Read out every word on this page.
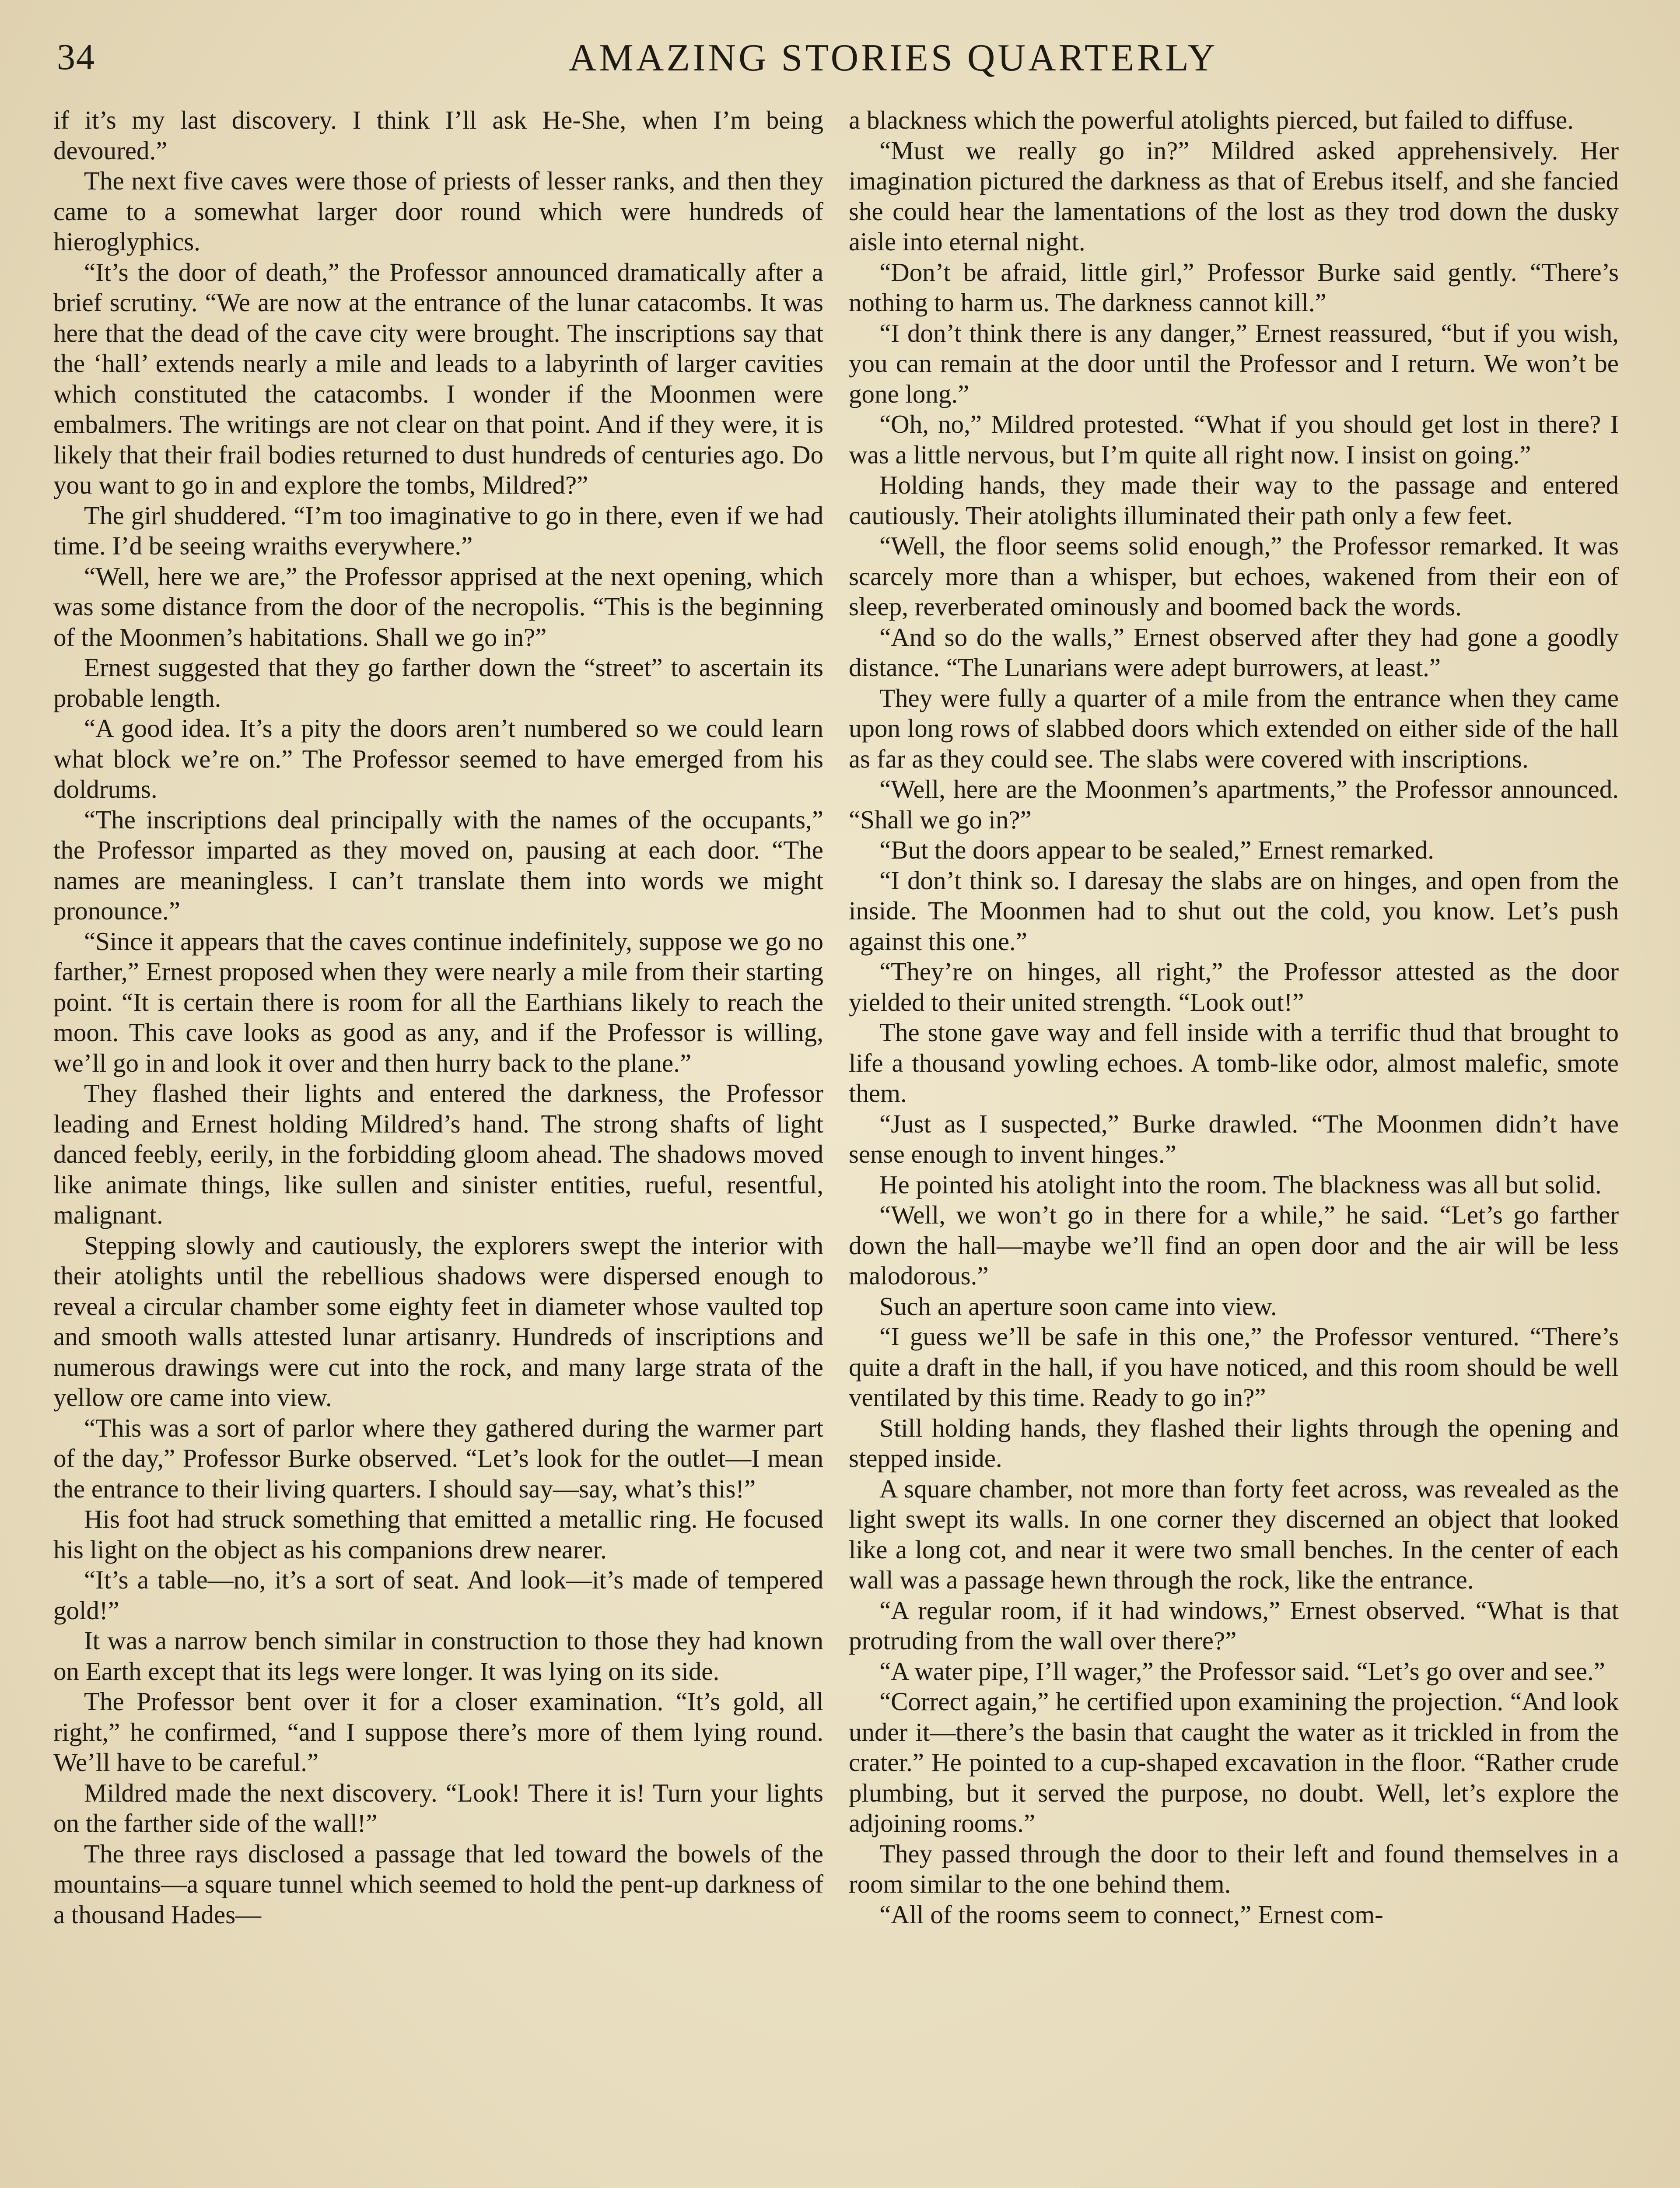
34	AMAZING STORIES QUARTERLY

if it’s my last discovery. I think I’ll ask He-She, when I’m being devoured.”

The next five caves were those of priests of lesser ranks, and then they came to a somewhat larger door round which were hundreds of hieroglyphics.

“It’s the door of death,” the Professor announced dramatically after a brief scrutiny. “We are now at the entrance of the lunar catacombs. It was here that the dead of the cave city were brought. The inscriptions say that the ‘hall’ extends nearly a mile and leads to a labyrinth of larger cavities which constituted the catacombs. I wonder if the Moonmen were embalmers. The writings are not clear on that point. And if they were, it is likely that their frail bodies returned to dust hundreds of centuries ago. Do you want to go in and explore the tombs, Mildred?”

The girl shuddered. “I’m too imaginative to go in there, even if we had time. I’d be seeing wraiths everywhere.”

“Well, here we are,” the Professor apprised at the next opening, which was some distance from the door of the necropolis. “This is the beginning of the Moonmen’s habitations. Shall we go in?”

Ernest suggested that they go farther down the “street” to ascertain its probable length.

“A good idea. It’s a pity the doors aren’t numbered so we could learn what block we’re on.” The Professor seemed to have emerged from his doldrums.

“The inscriptions deal principally with the names of the occupants,” the Professor imparted as they moved on, pausing at each door. “The names are meaningless. I can’t translate them into words we might pronounce.”

“Since it appears that the caves continue indefinitely, suppose we go no farther,” Ernest proposed when they were nearly a mile from their starting point. “It is certain there is room for all the Earthians likely to reach the moon. This cave looks as good as any, and if the Professor is willing, we’ll go in and look it over and then hurry back to the plane.”

They flashed their lights and entered the darkness, the Professor leading and Ernest holding Mildred’s hand. The strong shafts of light danced feebly, eerily, in the forbidding gloom ahead. The shadows moved like animate things, like sullen and sinister entities, rueful, resentful, malignant.

Stepping slowly and cautiously, the explorers swept the interior with their atolights until the rebellious shadows were dispersed enough to reveal a circular chamber some eighty feet in diameter whose vaulted top and smooth walls attested lunar artisanry. Hundreds of inscriptions and numerous drawings were cut into the rock, and many large strata of the yellow ore came into view.

“This was a sort of parlor where they gathered during the warmer part of the day,” Professor Burke observed. “Let’s look for the outlet—I mean the entrance to their living quarters. I should say—say, what’s this!”

His foot had struck something that emitted a metallic ring. He focused his light on the object as his companions drew nearer.

“It’s a table—no, it’s a sort of seat. And look—it’s made of tempered gold!”

It was a narrow bench similar in construction to those they had known on Earth except that its legs were longer. It was lying on its side.

The Professor bent over it for a closer examination. “It’s gold, all right,” he confirmed, “and I suppose there’s more of them lying round. We’ll have to be careful.”

Mildred made the next discovery. “Look! There it is! Turn your lights on the farther side of the wall!”

The three rays disclosed a passage that led toward the bowels of the mountains—a square tunnel which seemed to hold the pent-up darkness of a thousand Hades—

a blackness which the powerful atolights pierced, but failed to diffuse.

“Must we really go in?” Mildred asked apprehensively. Her imagination pictured the darkness as that of Erebus itself, and she fancied she could hear the lamentations of the lost as they trod down the dusky aisle into eternal night.

“Don’t be afraid, little girl,” Professor Burke said gently. “There’s nothing to harm us. The darkness cannot kill.”

“I don’t think there is any danger,” Ernest reassured, “but if you wish, you can remain at the door until the Professor and I return. We won’t be gone long.”

“Oh, no,” Mildred protested. “What if you should get lost in there? I was a little nervous, but I’m quite all right now. I insist on going.”

Holding hands, they made their way to the passage and entered cautiously. Their atolights illuminated their path only a few feet.

“Well, the floor seems solid enough,” the Professor remarked. It was scarcely more than a whisper, but echoes, wakened from their eon of sleep, reverberated ominously and boomed back the words.

“And so do the walls,” Ernest observed after they had gone a goodly distance. “The Lunarians were adept burrowers, at least.”

They were fully a quarter of a mile from the entrance when they came upon long rows of slabbed doors which extended on either side of the hall as far as they could see. The slabs were covered with inscriptions.

“Well, here are the Moonmen’s apartments,” the Professor announced. “Shall we go in?”

“But the doors appear to be sealed,” Ernest remarked.

“I don’t think so. I daresay the slabs are on hinges, and open from the inside. The Moonmen had to shut out the cold, you know. Let’s push against this one.”

“They’re on hinges, all right,” the Professor attested as the door yielded to their united strength. “Look out!”

The stone gave way and fell inside with a terrific thud that brought to life a thousand yowling echoes. A tomb-like odor, almost malefic, smote them.

“Just as I suspected,” Burke drawled. “The Moonmen didn’t have sense enough to invent hinges.”

He pointed his atolight into the room. The blackness was all but solid.

“Well, we won’t go in there for a while,” he said. “Let’s go farther down the hall—maybe we’ll find an open door and the air will be less malodorous.”

Such an aperture soon came into view.

“I guess we’ll be safe in this one,” the Professor ventured. “There’s quite a draft in the hall, if you have noticed, and this room should be well ventilated by this time. Ready to go in?”

Still holding hands, they flashed their lights through the opening and stepped inside.

A square chamber, not more than forty feet across, was revealed as the light swept its walls. In one corner they discerned an object that looked like a long cot, and near it were two small benches. In the center of each wall was a passage hewn through the rock, like the entrance.

“A regular room, if it had windows,” Ernest observed. “What is that protruding from the wall over there?”

“A water pipe, I’ll wager,” the Professor said. “Let’s go over and see.”

“Correct again,” he certified upon examining the projection. “And look under it—there’s the basin that caught the water as it trickled in from the crater.” He pointed to a cup-shaped excavation in the floor. “Rather crude plumbing, but it served the purpose, no doubt. Well, let’s explore the adjoining rooms.”

They passed through the door to their left and found themselves in a room similar to the one behind them.

“All of the rooms seem to connect,” Ernest com-
